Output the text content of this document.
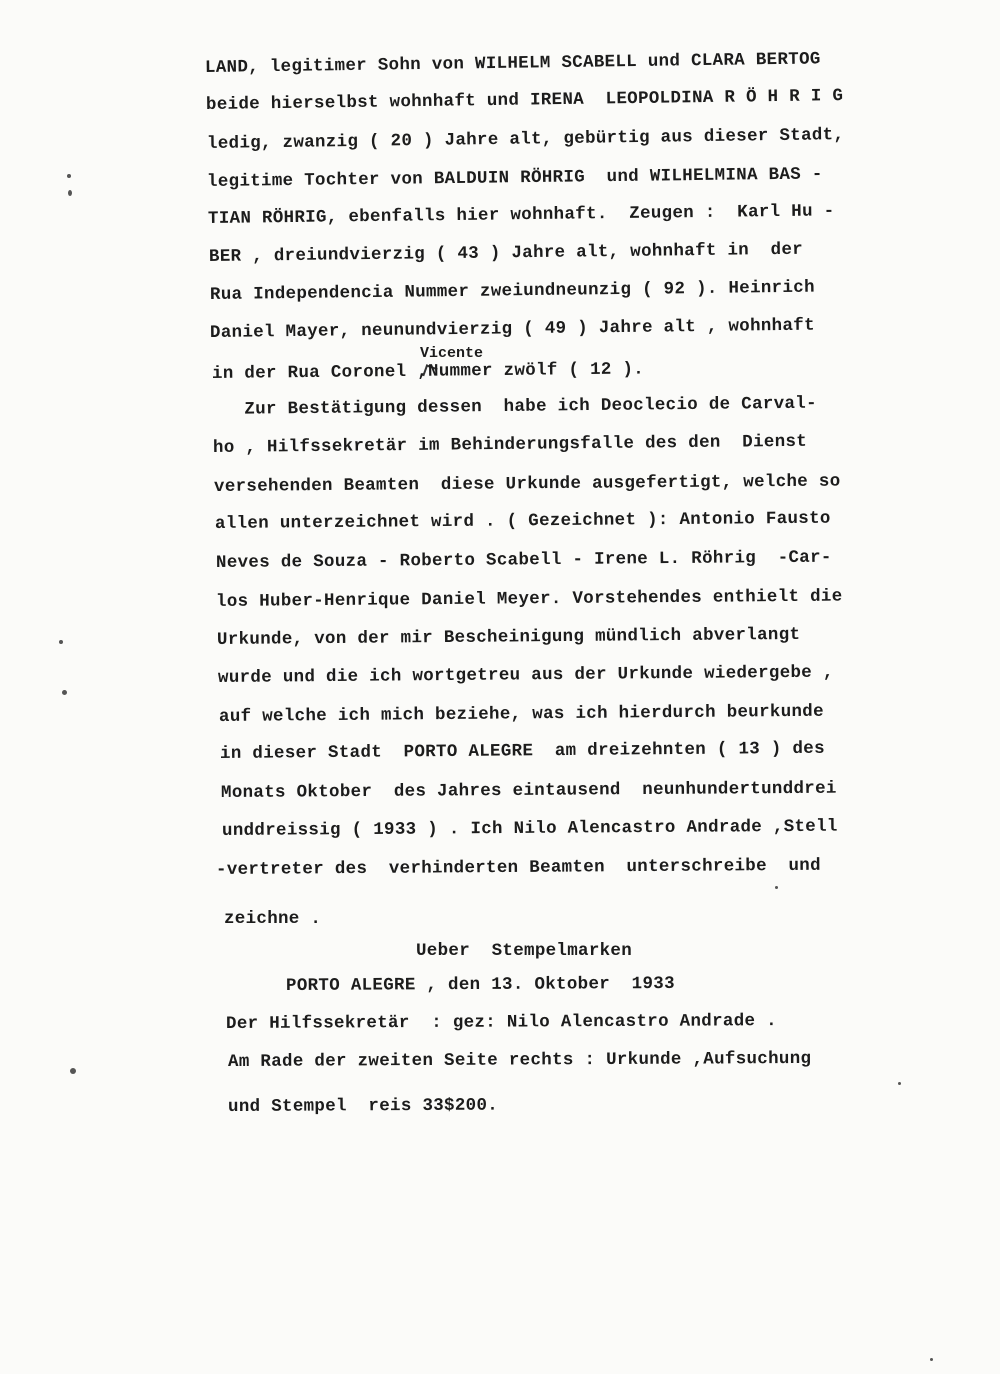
LAND, legitimer Sohn von WILHELM SCABELL und CLARA BERTOG
beide hierselbst wohnhaft und IRENA  LEOPOLDINA R Ö H R I G
ledig, zwanzig ( 20 ) Jahre alt, gebürtig aus dieser Stadt,
legitime Tochter von BALDUIN RÖHRIG  und WILHELMINA BAS -
TIAN RÖHRIG, ebenfalls hier wohnhaft.  Zeugen :  Karl Hu -
BER , dreiundvierzig ( 43 ) Jahre alt, wohnhaft in  der
Rua Independencia Nummer zweiundneunzig ( 92 ). Heinrich
Daniel Mayer, neunundvierzig ( 49 ) Jahre alt , wohnhaft
Vicente
in der Rua Coronel ,Nummer zwölf ( 12 ).
Zur Bestätigung dessen  habe ich Deoclecio de Carval-
ho , Hilfssekretär im Behinderungsfalle des den  Dienst
versehenden Beamten  diese Urkunde ausgefertigt, welche so
allen unterzeichnet wird . ( Gezeichnet ): Antonio Fausto
Neves de Souza - Roberto Scabell - Irene L. Röhrig  -Car-
los Huber-Henrique Daniel Meyer. Vorstehendes enthielt die
Urkunde, von der mir Bescheinigung mündlich abverlangt
wurde und die ich wortgetreu aus der Urkunde wiedergebe ,
auf welche ich mich beziehe, was ich hierdurch beurkunde
in dieser Stadt  PORTO ALEGRE  am dreizehnten ( 13 ) des
Monats Oktober  des Jahres eintausend  neunhundertunddrei
unddreissig ( 1933 ) . Ich Nilo Alencastro Andrade ,Stell
-vertreter des  verhinderten Beamten  unterschreibe  und
zeichne .
Ueber  Stempelmarken
PORTO ALEGRE , den 13. Oktober  1933
Der Hilfssekretär  : gez: Nilo Alencastro Andrade .
Am Rade der zweiten Seite rechts : Urkunde ,Aufsuchung
und Stempel  reis 33$200.
